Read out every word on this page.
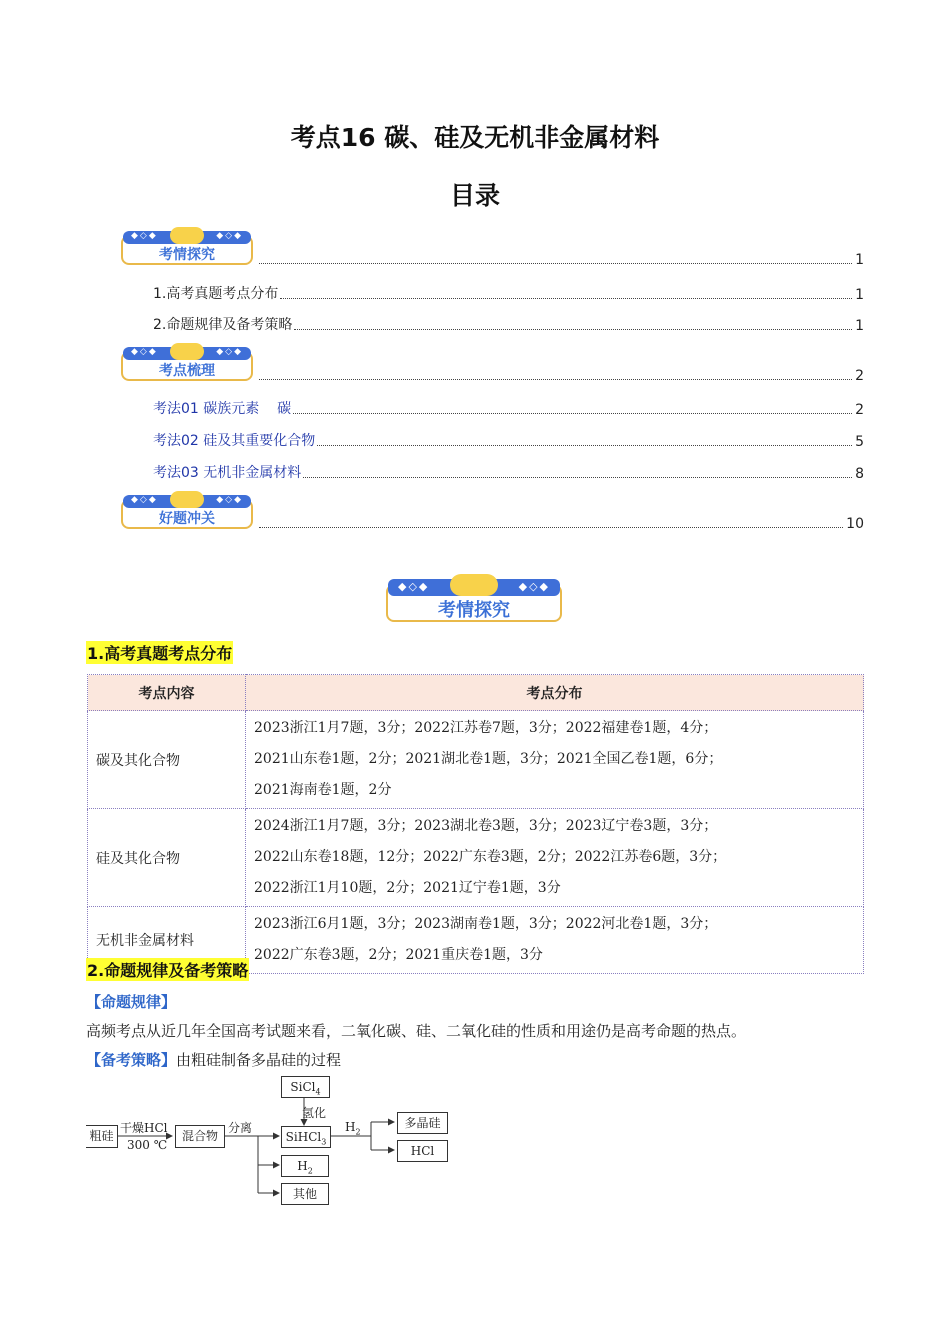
考点16 碳、硅及无机非金属材料
目录
◆◇◆	◆◇◆
考情探究	1
1.高考真题考点分布	1
2.命题规律及备考策略	1
◆◇◆	◆◇◆
考点梳理	2
考法01 碳族元素    碳	2
考法02 硅及其重要化合物	5
考法03 无机非金属材料	8
◆◇◆	◆◇◆
好题冲关	10
◆◇◆	◆◇◆
考情探究
1.高考真题考点分布
考点内容	考点分布
碳及其化合物	2023浙江1月7题，3分；2022江苏卷7题，3分；2022福建卷1题，4分；
2021山东卷1题，2分；2021湖北卷1题，3分；2021全国乙卷1题，6分；
2021海南卷1题，2分

硅及其化合物	2024浙江1月7题，3分；2023湖北卷3题，3分；2023辽宁卷3题，3分；
2022山东卷18题，12分；2022广东卷3题，2分；2022江苏卷6题，3分；
2022浙江1月10题，2分；2021辽宁卷1题，3分

无机非金属材料	2023浙江6月1题，3分；2023湖南卷1题，3分；2022河北卷1题，3分；
2022广东卷3题，2分；2021重庆卷1题，3分
2.命题规律及备考策略
【命题规律】
高频考点从近几年全国高考试题来看，二氧化碳、硅、二氧化硅的性质和用途仍是高考命题的热点。
【备考策略】由粗硅制备多晶硅的过程
粗硅
干燥HCl
300 ℃
混合物
分离
SiCl$_4$
氢化
SiHCl$_3$
$H_2$
其他
$H_2$
多晶硅
HCl
